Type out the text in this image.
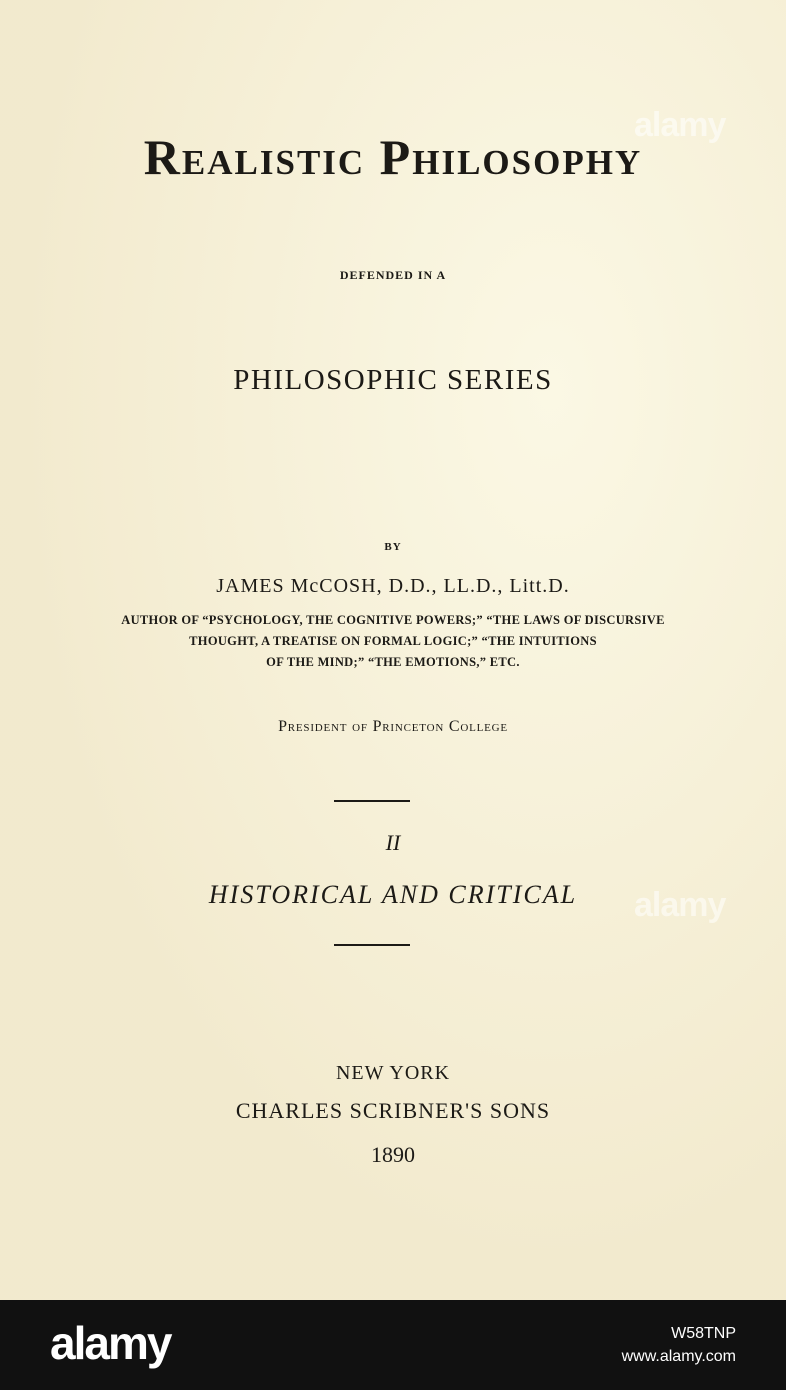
Realistic Philosophy
DEFENDED IN A
PHILOSOPHIC SERIES
BY
JAMES McCOSH, D.D., LL.D., Litt.D.
AUTHOR OF “PSYCHOLOGY, THE COGNITIVE POWERS;” “THE LAWS OF DISCURSIVE
THOUGHT, A TREATISE ON FORMAL LOGIC;” “THE INTUITIONS
OF THE MIND;” “THE EMOTIONS,” ETC.
President of Princeton College
II
HISTORICAL AND CRITICAL
NEW YORK
CHARLES SCRIBNER'S SONS
1890
alamy
alamy
alamy	W58TNP
www.alamy.com
